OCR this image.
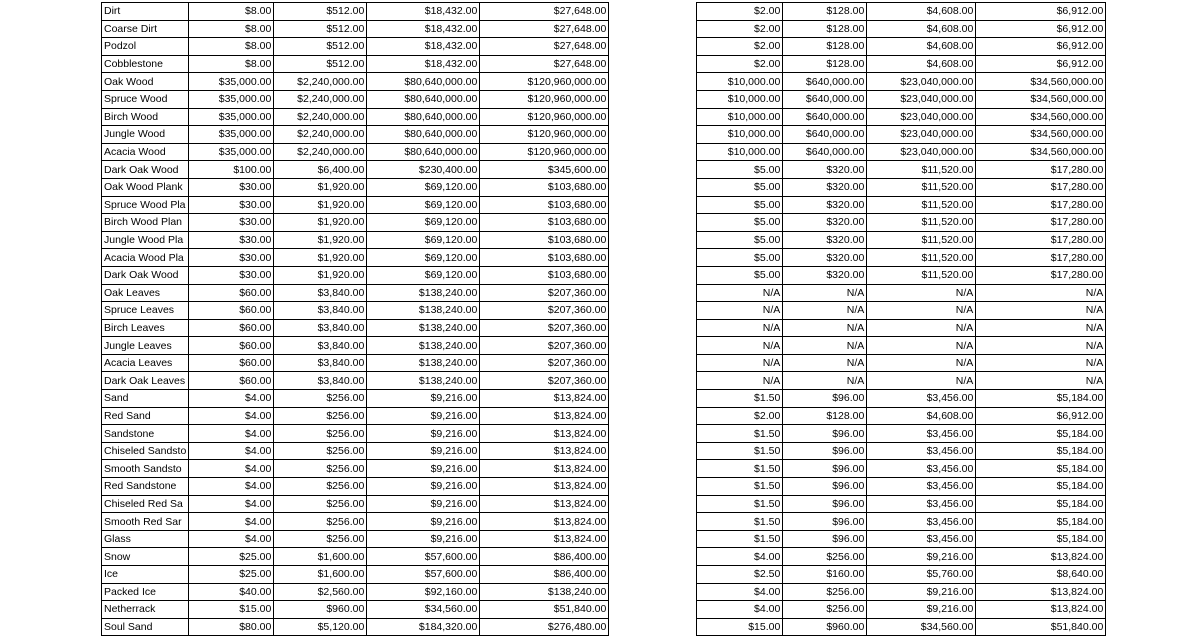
Dirt	$8.00	$512.00	$18,432.00	$27,648.00		$2.00	$128.00	$4,608.00	$6,912.00
Coarse Dirt	$8.00	$512.00	$18,432.00	$27,648.00		$2.00	$128.00	$4,608.00	$6,912.00
Podzol	$8.00	$512.00	$18,432.00	$27,648.00		$2.00	$128.00	$4,608.00	$6,912.00
Cobblestone	$8.00	$512.00	$18,432.00	$27,648.00		$2.00	$128.00	$4,608.00	$6,912.00
Oak Wood	$35,000.00	$2,240,000.00	$80,640,000.00	$120,960,000.00		$10,000.00	$640,000.00	$23,040,000.00	$34,560,000.00
Spruce Wood	$35,000.00	$2,240,000.00	$80,640,000.00	$120,960,000.00		$10,000.00	$640,000.00	$23,040,000.00	$34,560,000.00
Birch Wood	$35,000.00	$2,240,000.00	$80,640,000.00	$120,960,000.00		$10,000.00	$640,000.00	$23,040,000.00	$34,560,000.00
Jungle Wood	$35,000.00	$2,240,000.00	$80,640,000.00	$120,960,000.00		$10,000.00	$640,000.00	$23,040,000.00	$34,560,000.00
Acacia Wood	$35,000.00	$2,240,000.00	$80,640,000.00	$120,960,000.00		$10,000.00	$640,000.00	$23,040,000.00	$34,560,000.00
Dark Oak Wood	$100.00	$6,400.00	$230,400.00	$345,600.00		$5.00	$320.00	$11,520.00	$17,280.00
Oak Wood Plank	$30.00	$1,920.00	$69,120.00	$103,680.00		$5.00	$320.00	$11,520.00	$17,280.00
Spruce Wood Pla	$30.00	$1,920.00	$69,120.00	$103,680.00		$5.00	$320.00	$11,520.00	$17,280.00
Birch Wood Plan	$30.00	$1,920.00	$69,120.00	$103,680.00		$5.00	$320.00	$11,520.00	$17,280.00
Jungle Wood Pla	$30.00	$1,920.00	$69,120.00	$103,680.00		$5.00	$320.00	$11,520.00	$17,280.00
Acacia Wood Pla	$30.00	$1,920.00	$69,120.00	$103,680.00		$5.00	$320.00	$11,520.00	$17,280.00
Dark Oak Wood	$30.00	$1,920.00	$69,120.00	$103,680.00		$5.00	$320.00	$11,520.00	$17,280.00
Oak Leaves	$60.00	$3,840.00	$138,240.00	$207,360.00		N/A	N/A	N/A	N/A
Spruce Leaves	$60.00	$3,840.00	$138,240.00	$207,360.00		N/A	N/A	N/A	N/A
Birch Leaves	$60.00	$3,840.00	$138,240.00	$207,360.00		N/A	N/A	N/A	N/A
Jungle Leaves	$60.00	$3,840.00	$138,240.00	$207,360.00		N/A	N/A	N/A	N/A
Acacia Leaves	$60.00	$3,840.00	$138,240.00	$207,360.00		N/A	N/A	N/A	N/A
Dark Oak Leaves	$60.00	$3,840.00	$138,240.00	$207,360.00		N/A	N/A	N/A	N/A
Sand	$4.00	$256.00	$9,216.00	$13,824.00		$1.50	$96.00	$3,456.00	$5,184.00
Red Sand	$4.00	$256.00	$9,216.00	$13,824.00		$2.00	$128.00	$4,608.00	$6,912.00
Sandstone	$4.00	$256.00	$9,216.00	$13,824.00		$1.50	$96.00	$3,456.00	$5,184.00
Chiseled Sandsto	$4.00	$256.00	$9,216.00	$13,824.00		$1.50	$96.00	$3,456.00	$5,184.00
Smooth Sandsto	$4.00	$256.00	$9,216.00	$13,824.00		$1.50	$96.00	$3,456.00	$5,184.00
Red Sandstone	$4.00	$256.00	$9,216.00	$13,824.00		$1.50	$96.00	$3,456.00	$5,184.00
Chiseled Red Sa	$4.00	$256.00	$9,216.00	$13,824.00		$1.50	$96.00	$3,456.00	$5,184.00
Smooth Red Sar	$4.00	$256.00	$9,216.00	$13,824.00		$1.50	$96.00	$3,456.00	$5,184.00
Glass	$4.00	$256.00	$9,216.00	$13,824.00		$1.50	$96.00	$3,456.00	$5,184.00
Snow	$25.00	$1,600.00	$57,600.00	$86,400.00		$4.00	$256.00	$9,216.00	$13,824.00
Ice	$25.00	$1,600.00	$57,600.00	$86,400.00		$2.50	$160.00	$5,760.00	$8,640.00
Packed Ice	$40.00	$2,560.00	$92,160.00	$138,240.00		$4.00	$256.00	$9,216.00	$13,824.00
Netherrack	$15.00	$960.00	$34,560.00	$51,840.00		$4.00	$256.00	$9,216.00	$13,824.00
Soul Sand	$80.00	$5,120.00	$184,320.00	$276,480.00		$15.00	$960.00	$34,560.00	$51,840.00
